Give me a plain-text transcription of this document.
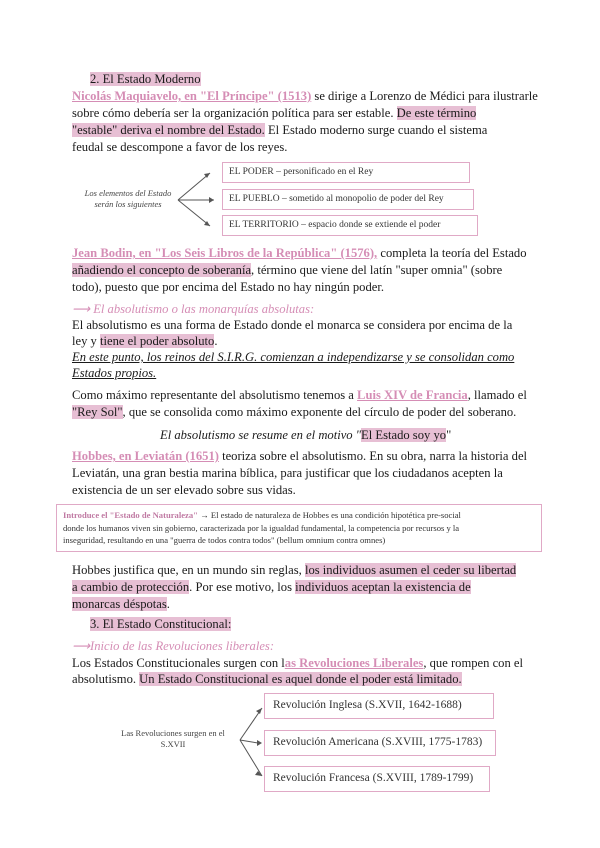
2. El Estado Moderno
Nicolás Maquiavelo, en "El Príncipe" (1513) se dirige a Lorenzo de Médici para ilustrarle
sobre cómo debería ser la organización política para ser estable. De este término
"estable" deriva el nombre del Estado. El Estado moderno surge cuando el sistema
feudal se descompone a favor de los reyes.
Los elementos del Estado serán los siguientes
EL PODER – personificado en el Rey
EL PUEBLO – sometido al monopolio de poder del Rey
EL TERRITORIO – espacio donde se extiende el poder
Jean Bodin, en "Los Seis Libros de la República" (1576), completa la teoría del Estado
añadiendo el concepto de soberanía, término que viene del latín "super omnia" (sobre
todo), puesto que por encima del Estado no hay ningún poder.
⟶ El absolutismo o las monarquías absolutas:
El absolutismo es una forma de Estado donde el monarca se considera por encima de la
ley y tiene el poder absoluto.
En este punto, los reinos del S.I.R.G. comienzan a independizarse y se consolidan como
Estados propios.
Como máximo representante del absolutismo tenemos a Luis XIV de Francia, llamado el
"Rey Sol", que se consolida como máximo exponente del círculo de poder del soberano.
El absolutismo se resume en el motivo "El Estado soy yo"
Hobbes, en Leviatán (1651) teoriza sobre el absolutismo. En su obra, narra la historia del
Leviatán, una gran bestia marina bíblica, para justificar que los ciudadanos acepten la
existencia de un ser elevado sobre sus vidas.
Introduce el "Estado de Naturaleza" → El estado de naturaleza de Hobbes es una condición hipotética pre-social
donde los humanos viven sin gobierno, caracterizada por la igualdad fundamental, la competencia por recursos y la
inseguridad, resultando en una "guerra de todos contra todos" (bellum omnium contra omnes)
Hobbes justifica que, en un mundo sin reglas, los individuos asumen el ceder su libertad
a cambio de protección. Por ese motivo, los individuos aceptan la existencia de
monarcas déspotas.
3. El Estado Constitucional:
⟶Inicio de las Revoluciones liberales:
Los Estados Constitucionales surgen con las Revoluciones Liberales, que rompen con el
absolutismo. Un Estado Constitucional es aquel donde el poder está limitado.
Las Revoluciones surgen en el S.XVII
Revolución Inglesa (S.XVII, 1642-1688)
Revolución Americana (S.XVIII, 1775-1783)
Revolución Francesa (S.XVIII, 1789-1799)
